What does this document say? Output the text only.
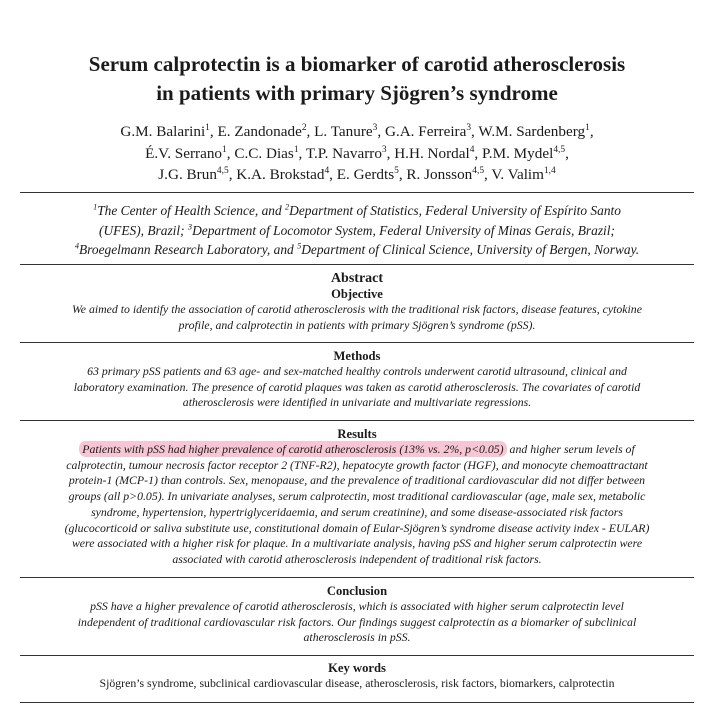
Serum calprotectin is a biomarker of carotid atherosclerosis
in patients with primary Sjögren’s syndrome
G.M. Balarini$^1$, E. Zandonade$^2$, L. Tanure$^3$, G.A. Ferreira$^3$, W.M. Sardenberg$^1$,
É.V. Serrano$^1$, C.C. Dias$^1$, T.P. Navarro$^3$, H.H. Nordal$^4$, P.M. Mydel$^{4,5}$,
J.G. Brun$^{4,5}$, K.A. Brokstad$^4$, E. Gerdts$^5$, R. Jonsson$^{4,5}$, V. Valim$^{1,4}$
$^1$The Center of Health Science, and $^2$Department of Statistics, Federal University of Espírito Santo
(UFES), Brazil; $^3$Department of Locomotor System, Federal University of Minas Gerais, Brazil;
$^4$Broegelmann Research Laboratory, and $^5$Department of Clinical Science, University of Bergen, Norway.
Abstract
Objective
We aimed to identify the association of carotid atherosclerosis with the traditional risk factors, disease features, cytokine
profile, and calprotectin in patients with primary Sjögren’s syndrome (pSS).
Methods
63 primary pSS patients and 63 age- and sex-matched healthy controls underwent carotid ultrasound, clinical and
laboratory examination. The presence of carotid plaques was taken as carotid atherosclerosis. The covariates of carotid
atherosclerosis were identified in univariate and multivariate regressions.
Results
Patients with pSS had higher prevalence of carotid atherosclerosis (13% vs. 2%, p<0.05) and higher serum levels of
calprotectin, tumour necrosis factor receptor 2 (TNF-R2), hepatocyte growth factor (HGF), and monocyte chemoattractant
protein-1 (MCP-1) than controls. Sex, menopause, and the prevalence of traditional cardiovascular did not differ between
groups (all p>0.05). In univariate analyses, serum calprotectin, most traditional cardiovascular (age, male sex, metabolic
syndrome, hypertension, hypertriglyceridaemia, and serum creatinine), and some disease-associated risk factors
(glucocorticoid or saliva substitute use, constitutional domain of Eular-Sjögren’s syndrome disease activity index - EULAR)
were associated with a higher risk for plaque. In a multivariate analysis, having pSS and higher serum calprotectin were
associated with carotid atherosclerosis independent of traditional risk factors.
Conclusion
pSS have a higher prevalence of carotid atherosclerosis, which is associated with higher serum calprotectin level
independent of traditional cardiovascular risk factors. Our findings suggest calprotectin as a biomarker of subclinical
atherosclerosis in pSS.
Key words
Sjögren’s syndrome, subclinical cardiovascular disease, atherosclerosis, risk factors, biomarkers, calprotectin
